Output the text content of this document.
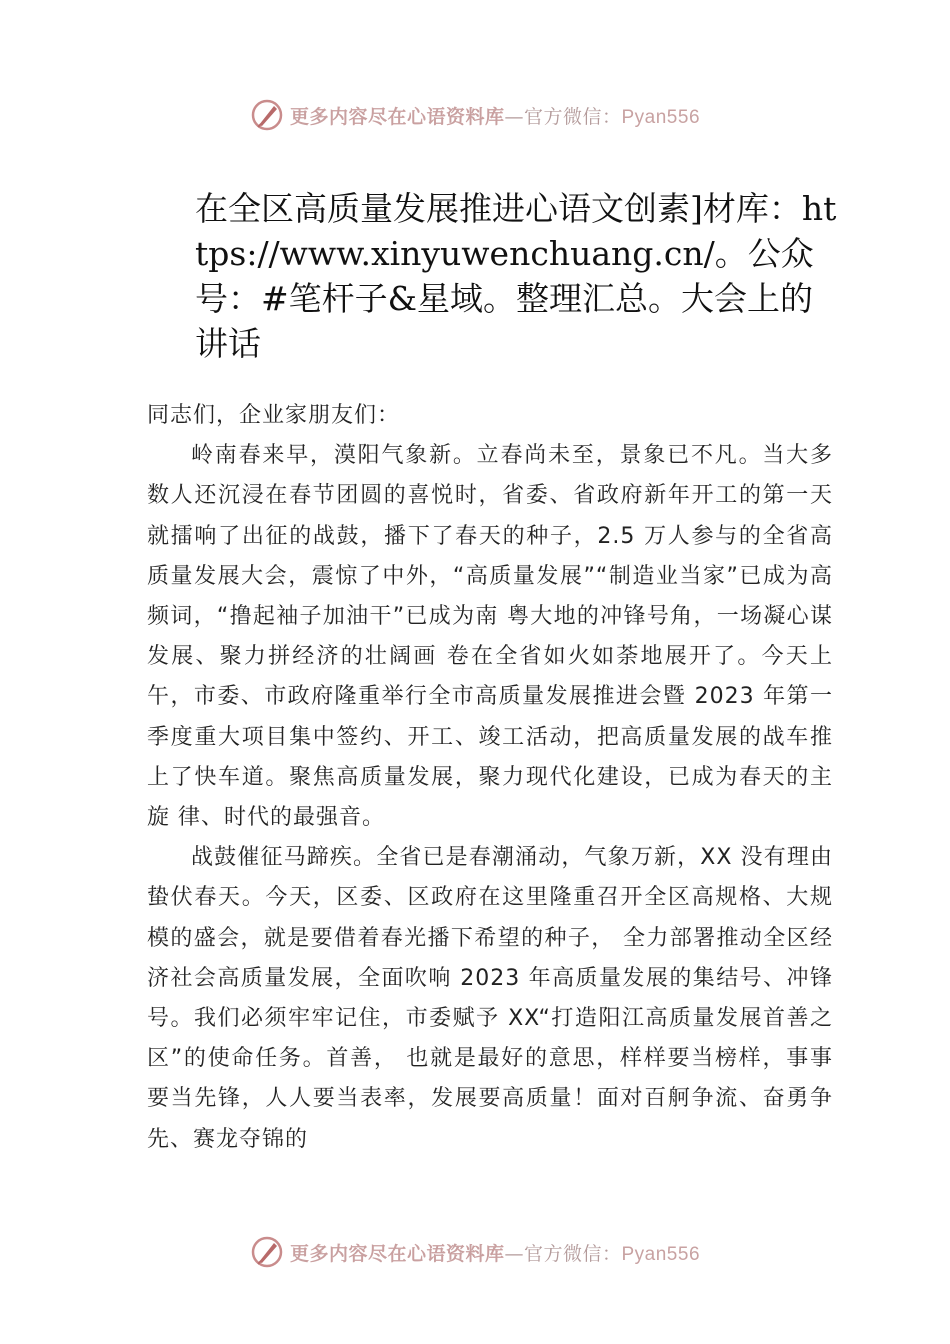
更多内容尽在心语资料库—官方微信：Pyan556
在全区高质量发展推进心语文创素]材库：https://www.xinyuwenchuang.cn/。公众号：#笔杆子&星域。整理汇总。大会上的讲话

同志们，企业家朋友们：

岭南春来早，漠阳气象新。立春尚未至，景象已不凡。当大多数人还沉浸在春节团圆的喜悦时，省委、省政府新年开工的第一天就擂响了出征的战鼓，播下了春天的种子，2.5 万人参与的全省高质量发展大会，震惊了中外，“高质量发展”“制造业当家”已成为高频词，“撸起袖子加油干”已成为南 粤大地的冲锋号角，一场凝心谋发展、聚力拼经济的壮阔画 卷在全省如火如荼地展开了。今天上午，市委、市政府隆重举行全市高质量发展推进会暨 2023 年第一季度重大项目集中签约、开工、竣工活动，把高质量发展的战车推上了快车道。聚焦高质量发展，聚力现代化建设，已成为春天的主旋 律、时代的最强音。

战鼓催征马蹄疾。全省已是春潮涌动，气象万新，XX 没有理由蛰伏春天。今天，区委、区政府在这里隆重召开全区高规格、大规模的盛会，就是要借着春光播下希望的种子， 全力部署推动全区经济社会高质量发展，全面吹响 2023 年高质量发展的集结号、冲锋号。我们必须牢牢记住，市委赋予 XX“打造阳江高质量发展首善之区”的使命任务。首善， 也就是最好的意思，样样要当榜样，事事要当先锋，人人要当表率，发展要高质量！面对百舸争流、奋勇争先、赛龙夺锦的

更多内容尽在心语资料库—官方微信：Pyan556
